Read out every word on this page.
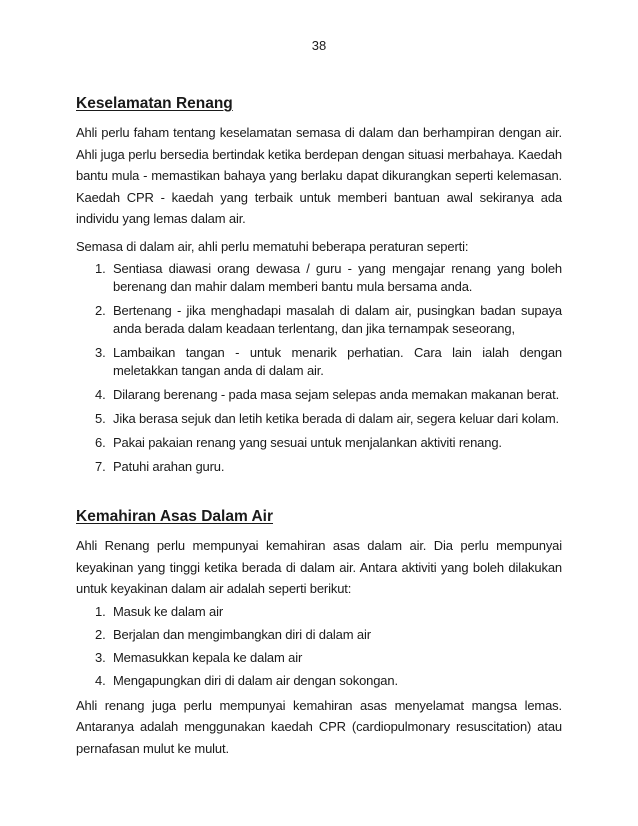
38
Keselamatan Renang

Ahli perlu faham tentang keselamatan semasa di dalam dan berhampiran dengan air. Ahli juga perlu bersedia bertindak ketika berdepan dengan situasi merbahaya. Kaedah bantu mula - memastikan bahaya yang berlaku dapat dikurangkan seperti kelemasan. Kaedah CPR - kaedah yang terbaik untuk memberi bantuan awal sekiranya ada individu yang lemas dalam air.

Semasa di dalam air, ahli perlu mematuhi beberapa peraturan seperti:

1. Sentiasa diawasi orang dewasa / guru - yang mengajar renang yang boleh berenang dan mahir dalam memberi bantu mula bersama anda.
2. Bertenang - jika menghadapi masalah di dalam air, pusingkan badan supaya anda berada dalam keadaan terlentang, dan jika ternampak seseorang,
3. Lambaikan tangan - untuk menarik perhatian. Cara lain ialah dengan meletakkan tangan anda di dalam air.
4. Dilarang berenang - pada masa sejam selepas anda memakan makanan berat.
5. Jika berasa sejuk dan letih ketika berada di dalam air, segera keluar dari kolam.
6. Pakai pakaian renang yang sesuai untuk menjalankan aktiviti renang.
7. Patuhi arahan guru.
Kemahiran Asas Dalam Air

Ahli Renang perlu mempunyai kemahiran asas dalam air. Dia perlu mempunyai keyakinan yang tinggi ketika berada di dalam air. Antara aktiviti yang boleh dilakukan untuk keyakinan dalam air adalah seperti berikut:

1. Masuk ke dalam air
2. Berjalan dan mengimbangkan diri di dalam air
3. Memasukkan kepala ke dalam air
4. Mengapungkan diri di dalam air dengan sokongan.

Ahli renang juga perlu mempunyai kemahiran asas menyelamat mangsa lemas. Antaranya adalah menggunakan kaedah CPR (cardiopulmonary resuscitation) atau pernafasan mulut ke mulut.
